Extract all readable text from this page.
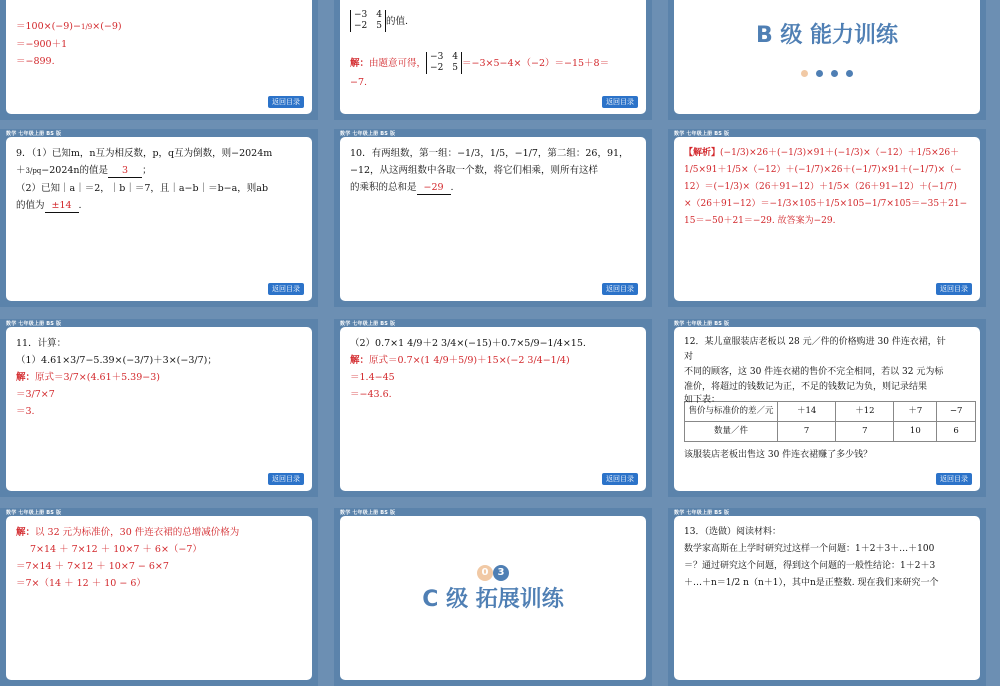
＝100×(−9)−1/9×(−9)
＝−900＋1
＝−899.
返回目录
−3　4
−2　5 的值.
解： 由题意可得，
−3　4
−2　5 ＝−3×5−4×（−2）＝−15＋8＝
−7.
返回目录
B 级 能力训练
数学 七年级上册 BS 版
9．（1）已知m，n互为相反数，p，q互为倒数，则−2024m
＋3/pq−2024n的值是 3 ；
（2）已知｜a｜＝2，｜b｜＝7，且｜a−b｜＝b−a，则ab
的值为 ±14 .
返回目录
数学 七年级上册 BS 版
10．有两组数，第一组：−1/3，1/5，−1/7，第二组：26，91，
−12，从这两组数中各取一个数，将它们相乘，则所有这样
的乘积的总和是 −29 .
返回目录
数学 七年级上册 BS 版
【解析】(−1/3)×26＋(−1/3)×91＋(−1/3)×（−12）＋1/5×26＋
1/5×91＋1/5×（−12）＋(−1/7)×26＋(−1/7)×91＋(−1/7)×（−
12）＝(−1/3)×（26＋91−12）＋1/5×（26＋91−12）＋(−1/7)
×（26＋91−12）＝−1/3×105＋1/5×105−1/7×105＝−35＋21−
15＝−50＋21＝−29. 故答案为−29.
返回目录
数学 七年级上册 BS 版
11．计算：
（1）4.61×3/7−5.39×(−3/7)＋3×(−3/7)；
解：原式＝3/7×(4.61＋5.39−3)
＝3/7×7
＝3.
返回目录
数学 七年级上册 BS 版
（2）0.7×1 4/9＋2 3/4×(−15)＋0.7×5/9−1/4×15.
解：原式＝0.7×(1 4/9＋5/9)＋15×(−2 3/4−1/4)
＝1.4−45
＝−43.6.
返回目录
数学 七年级上册 BS 版
12．某儿童服装店老板以 28 元／件的价格购进 30 件连衣裙，针
对
不同的顾客，这 30 件连衣裙的售价不完全相同，若以 32 元为标
准价，将超过的钱数记为正，不足的钱数记为负，则记录结果
如下表：
售价与标准价的差／元	＋14	＋12	＋7	−7
数量／件	7	7	10	6
该服装店老板出售这 30 件连衣裙赚了多少钱？
返回目录
数学 七年级上册 BS 版
解：以 32 元为标准价，30 件连衣裙的总增减价格为
7×14 ＋ 7×12 ＋ 10×7 ＋ 6×（−7）
＝7×14 ＋ 7×12 ＋ 10×7 − 6×7
＝7×（14 ＋ 12 ＋ 10 − 6）
数学 七年级上册 BS 版
0 3
C 级 拓展训练
数学 七年级上册 BS 版
13．（选做）阅读材料：
数学家高斯在上学时研究过这样一个问题：1＋2＋3＋…＋100
＝？通过研究这个问题，得到这个问题的一般性结论：1＋2＋3
＋…＋n＝1/2 n（n＋1），其中n是正整数. 现在我们来研究一个
